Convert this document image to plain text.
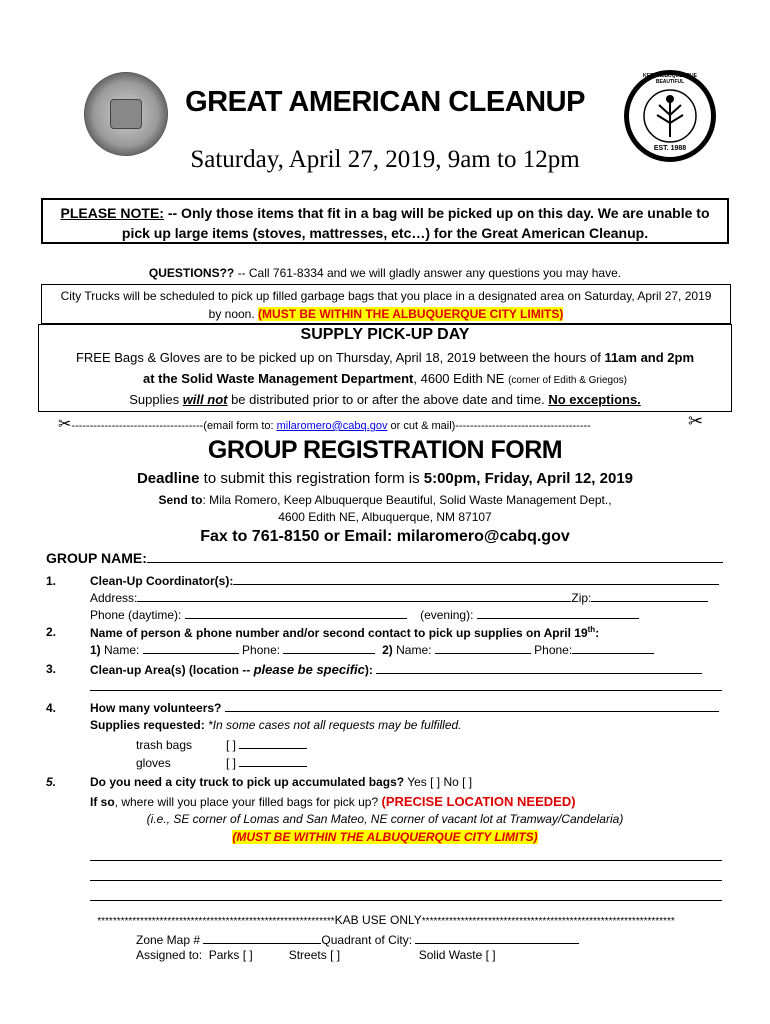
KEEP ALBUQUERQUE BEAUTIFUL
EST. 1988
GREAT AMERICAN CLEANUP
Saturday, April 27, 2019, 9am to 12pm
PLEASE NOTE: -- Only those items that fit in a bag will be picked up on this day. We are unable to
pick up large items (stoves, mattresses, etc…) for the Great American Cleanup.
QUESTIONS?? -- Call 761-8334 and we will gladly answer any questions you may have.
City Trucks will be scheduled to pick up filled garbage bags that you place in a designated area on Saturday, April 27, 2019
by noon. (MUST BE WITHIN THE ALBUQUERQUE CITY LIMITS)
SUPPLY PICK-UP DAY
FREE Bags & Gloves are to be picked up on Thursday, April 18, 2019 between the hours of 11am and 2pm
at the Solid Waste Management Department, 4600 Edith NE (corner of Edith & Griegos)
Supplies will not be distributed prior to or after the above date and time. No exceptions.
✂------------------------------------(email form to: milaromero@cabq.gov or cut & mail)-------------------------------------	✂
GROUP REGISTRATION FORM
Deadline to submit this registration form is 5:00pm, Friday, April 12, 2019
Send to: Mila Romero, Keep Albuquerque Beautiful, Solid Waste Management Dept.,
4600 Edith NE, Albuquerque, NM 87107
Fax to 761-8150 or Email: milaromero@cabq.gov
GROUP NAME:
1.	Clean-Up Coordinator(s):
Address:	Zip:
Phone (daytime):	(evening):
2.	Name of person & phone number and/or second contact to pick up supplies on April 19th:
1) Name:	Phone:	2) Name:	Phone:
3.	Clean-up Area(s) (location -- please be specific):
4.	How many volunteers?
Supplies requested: *In some cases not all requests may be fulfilled.
trash bags	[ ]
gloves	[ ]
5.	Do you need a city truck to pick up accumulated bags? Yes [ ] No [ ]
If so, where will you place your filled bags for pick up? (PRECISE LOCATION NEEDED)
(i.e., SE corner of Lomas and San Mateo, NE corner of vacant lot at Tramway/Candelaria)
(MUST BE WITHIN THE ALBUQUERQUE CITY LIMITS)
*************************************************************KAB USE ONLY*****************************************************************
Zone Map #	Quadrant of City:
Assigned to: Parks [ ]	Streets [ ]	Solid Waste [ ]
